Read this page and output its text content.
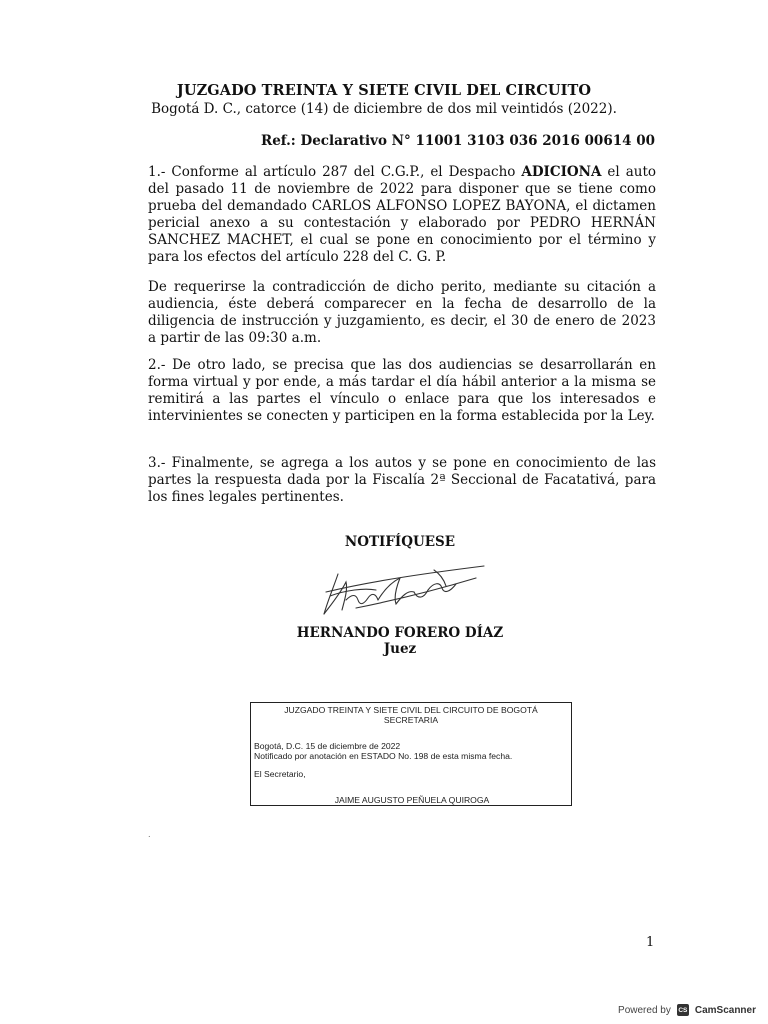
JUZGADO TREINTA Y SIETE CIVIL DEL CIRCUITO
Bogotá D. C., catorce (14) de diciembre de dos mil veintidós (2022).
Ref.: Declarativo N° 11001 3103 036 2016 00614 00

1.- Conforme al artículo 287 del C.G.P., el Despacho ADICIONA el auto del pasado 11 de noviembre de 2022 para disponer que se tiene como prueba del demandado CARLOS ALFONSO LOPEZ BAYONA, el dictamen pericial anexo a su contestación y elaborado por PEDRO HERNÁN SANCHEZ MACHET, el cual se pone en conocimiento por el término y para los efectos del artículo 228 del C. G. P.

De requerirse la contradicción de dicho perito, mediante su citación a audiencia, éste deberá comparecer en la fecha de desarrollo de la diligencia de instrucción y juzgamiento, es decir, el 30 de enero de 2023 a partir de las 09:30 a.m.

2.- De otro lado, se precisa que las dos audiencias se desarrollarán en forma virtual y por ende, a más tardar el día hábil anterior a la misma se remitirá a las partes el vínculo o enlace para que los interesados e intervinientes se conecten y participen en la forma establecida por la Ley.

3.- Finalmente, se agrega a los autos y se pone en conocimiento de las partes la respuesta dada por la Fiscalía 2ª Seccional de Facatativá, para los fines legales pertinentes.

NOTIFÍQUESE
HERNANDO FORERO DÍAZ
Juez
JUZGADO TREINTA Y SIETE CIVIL DEL CIRCUITO DE BOGOTÁ
SECRETARIA
Bogotá, D.C. 15 de diciembre de 2022
Notificado por anotación en ESTADO No. 198 de esta misma fecha.
El Secretario,
JAIME AUGUSTO PEÑUELA QUIROGA
.
1
Powered by CS CamScanner
